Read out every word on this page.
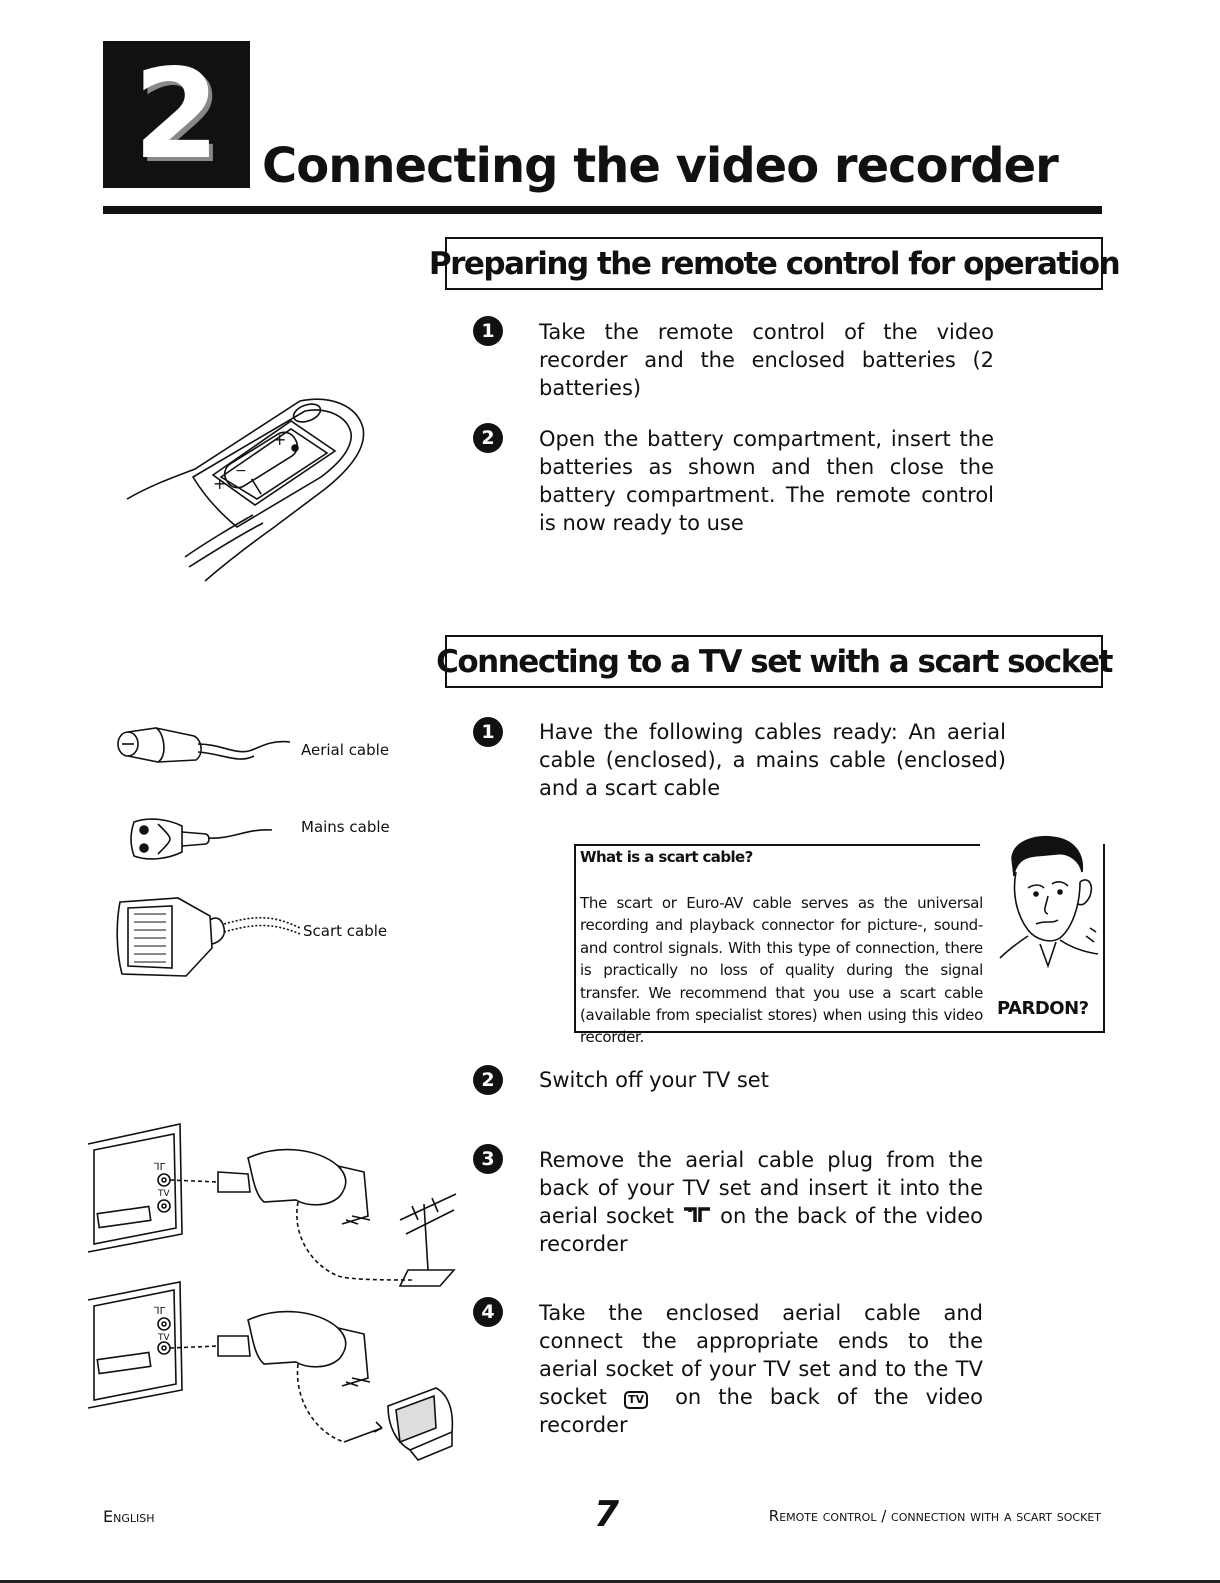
2 Connecting the video recorder
Preparing the remote control for operation
1	Take the remote control of the video recorder and the enclosed batteries (2 batteries)
2	Open the battery compartment, insert the batteries as shown and then close the battery compartment. The remote control is now ready to use
+
+
−
Connecting to a TV set with a scart socket
1	Have the following cables ready: An aerial cable (enclosed), a mains cable (enclosed) and a scart cable
Aerial cable
Mains cable
Scart cable
What is a scart cable?
The scart or Euro-AV cable serves as the universal recording and playback connector for picture-, sound- and control signals. With this type of connection, there is practically no loss of quality during the signal transfer. We recommend that you use a scart cable (available from specialist stores) when using this video recorder.
PARDON?
2	Switch off your TV set
3	Remove the aerial cable plug from the back of your TV set and insert it into the aerial socket on the back of the video recorder
4	Take the enclosed aerial cable and connect the appropriate ends to the aerial socket of your TV set and to the TV socket TV on the back of the video recorder
⅂Г
TV
⅂Г
TV
English	7	Remote control / connection with a scart socket
